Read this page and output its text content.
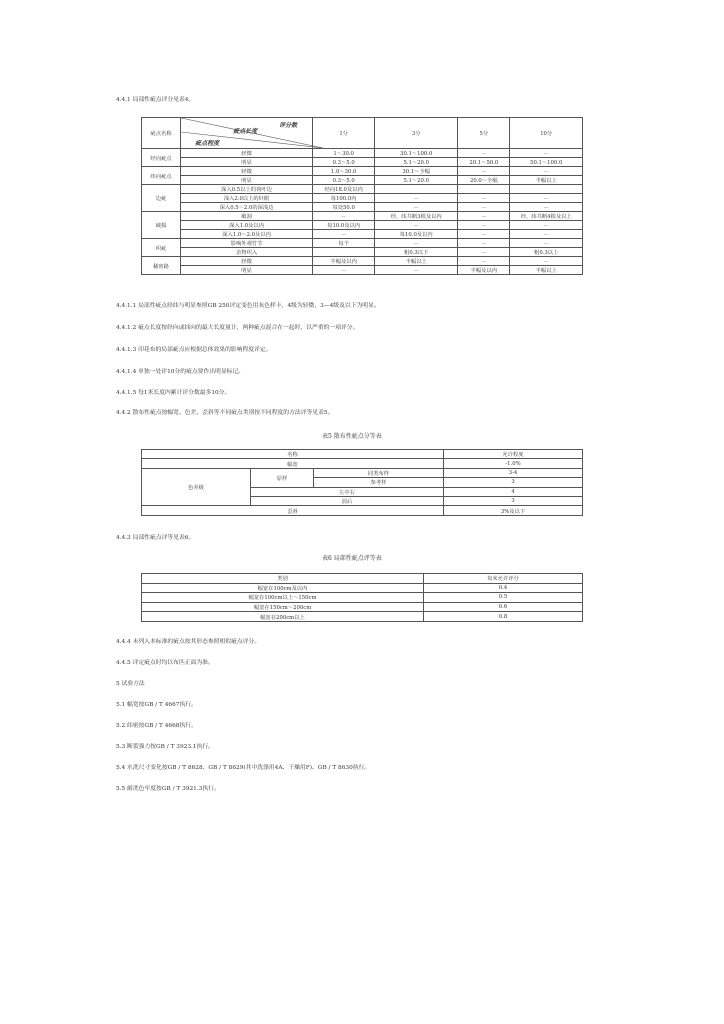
4.4.1 局部性疵点评分见表4。
疵点名称	评分数
疵点长度
疵点程度	1分	3分	5分	10分
经向疵点	轻微	1～30.0	30.1～100.0	－	－
	明显	0.3～5.0	5.1～20.0	20.1～50.0	50.1～100.0
纬向疵点	轻微	1.0～30.0	30.1～全幅	－	－
	明显	0.3～5.0	5.1～20.0	20.0～全幅	半幅以上
边疵	深入0.5以上的荷叶边	经向18.0及以内			
	深入2.0以上的针眼	每100.0内	－	－	－
	深入0.5～2.0的深浅边	每处50.0	－	－	－
破损	破洞	－	经、纬共断3根及以内	－	经、纬共断4根及以上
	深入1.0及以内	每10.0及以内	－	－	－
	深入1.0～2.0及以内	－	每10.0及以内	－	－
织疵	影响外观竹节	每个	－	－	－
	杂物织入		粗0.3以下	－	粗0.3以上
稀密路	轻微	半幅及以内	半幅以上	－	－
	明显	－	－	半幅及以内	半幅以上
4.4.1.1 局部性疵点经纬与明显参照GB 250评定变色用灰色样卡，4级为轻微，3—4级及以下为明显。
4.4.1.2 疵点长度按经向或纬向的最大长度量计，两种疵点混合在一起时，以严重的一项评分。
4.4.1.3 印花布的局部疵点应根据总体效果的影响程度评定。
4.4.1.4 单独一处评10分的疵点要作出明显标记。
4.4.1.5 每1米长度内累计评分数最多10分。
4.4.2 散布性疵点按幅宽、色差、歪斜等不同疵点类别按不同程度的方法评等见表5。
表5 散布性疵点分等表
名称			允许程度
幅宽			-1.0%
色差级	原样	同类布样	3-4
		参考样	3
	左中右		4
	前后		3
歪斜			3%及以下
4.4.3 局部性疵点评等见表6。
表6 局部性疵点评等表
类别	每米允许评分
幅宽在100cm及以内	0.4
幅宽在100cm以上～150cm	0.5
幅宽在150cm～200cm	0.6
幅宽在200cm以上	0.8
4.4.4 未列入本标准的疵点按其形态参照相似疵点评分。
4.4.5 评定疵点时均以布匹正面为准。
5 试验方法
5.1 幅宽按GB / T 4667执行。
5.2 纬密按GB / T 4668执行。
5.3 断裂强力按GB / T 3923.1执行。
5.4 水洗尺寸变化按GB / T 8628、GB / T 8629(其中洗涤用4A、干燥用F)、GB / T 8630执行。
5.5 耐洗色牢度按GB / T 3921.3执行。
